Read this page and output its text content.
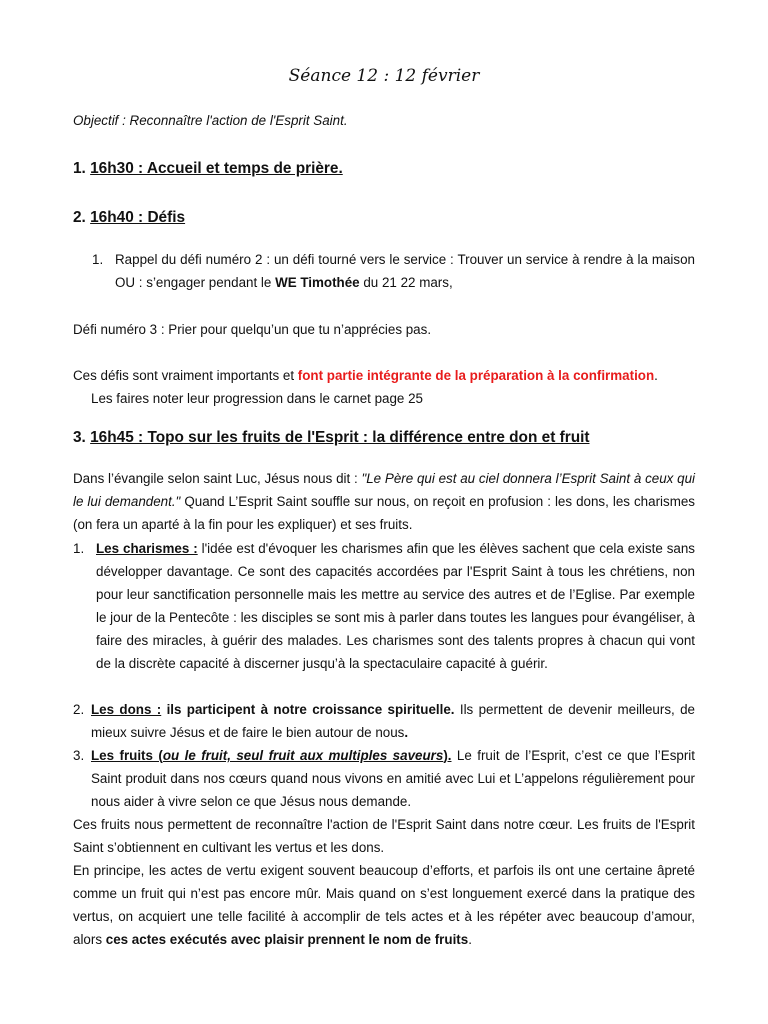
Séance 12 : 12 février
Objectif : Reconnaître l'action de l'Esprit Saint.
1. 16h30 : Accueil et temps de prière.
2. 16h40 : Défis
1. Rappel du défi numéro 2 : un défi tourné vers le service : Trouver un service à rendre à la maison OU : s’engager pendant le WE Timothée du 21 22 mars,
Défi numéro 3 : Prier pour quelqu’un que tu n’apprécies pas.
Ces défis sont vraiment importants et font partie intégrante de la préparation à la confirmation.
Les faires noter leur progression dans le carnet page 25
3. 16h45 : Topo sur les fruits de l'Esprit : la différence entre don et fruit
Dans l’évangile selon saint Luc, Jésus nous dit : "Le Père qui est au ciel donnera l’Esprit Saint à ceux qui le lui demandent." Quand L’Esprit Saint souffle sur nous, on reçoit en profusion : les dons, les charismes (on fera un aparté à la fin pour les expliquer) et ses fruits.
1. Les charismes : l'idée est d'évoquer les charismes afin que les élèves sachent que cela existe sans développer davantage. Ce sont des capacités accordées par l'Esprit Saint à tous les chrétiens, non pour leur sanctification personnelle mais les mettre au service des autres et de l’Eglise. Par exemple le jour de la Pentecôte : les disciples se sont mis à parler dans toutes les langues pour évangéliser, à faire des miracles, à guérir des malades. Les charismes sont des talents propres à chacun qui vont de la discrète capacité à discerner jusqu’à la spectaculaire capacité à guérir.
2. Les dons : ils participent à notre croissance spirituelle. Ils permettent de devenir meilleurs, de mieux suivre Jésus et de faire le bien autour de nous.
3. Les fruits (ou le fruit, seul fruit aux multiples saveurs). Le fruit de l’Esprit, c’est ce que l’Esprit Saint produit dans nos cœurs quand nous vivons en amitié avec Lui et L’appelons régulièrement pour nous aider à vivre selon ce que Jésus nous demande.
Ces fruits nous permettent de reconnaître l'action de l'Esprit Saint dans notre cœur. Les fruits de l'Esprit Saint s’obtiennent en cultivant les vertus et les dons.
En principe, les actes de vertu exigent souvent beaucoup d’efforts, et parfois ils ont une certaine âpreté comme un fruit qui n’est pas encore mûr. Mais quand on s’est longuement exercé dans la pratique des vertus, on acquiert une telle facilité à accomplir de tels actes et à les répéter avec beaucoup d’amour, alors ces actes exécutés avec plaisir prennent le nom de fruits.
